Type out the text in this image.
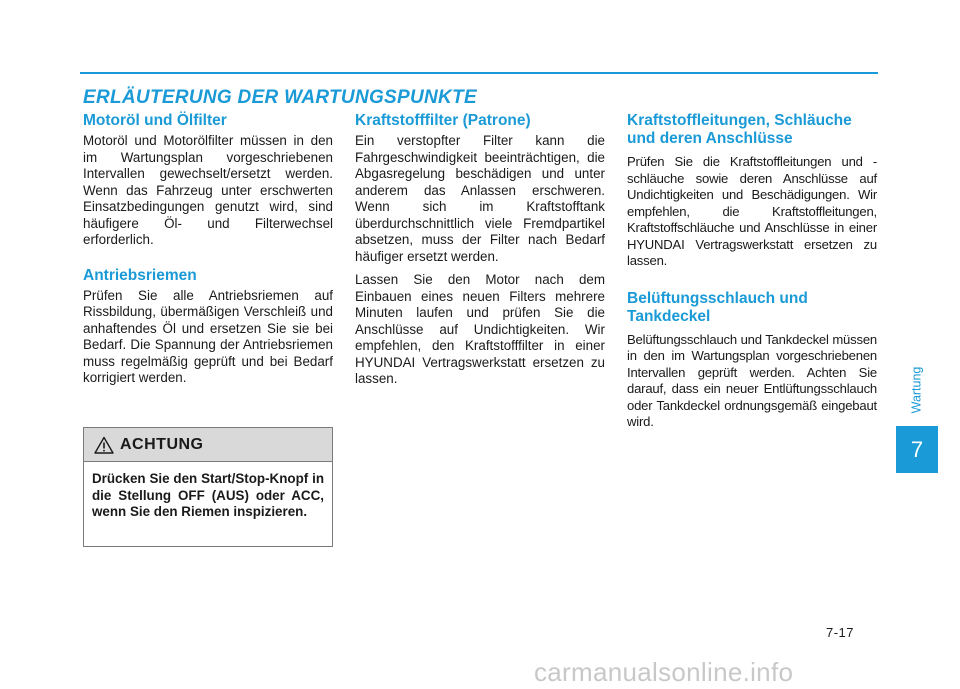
ERLÄUTERUNG DER WARTUNGSPUNKTE
Motoröl und Ölfilter

Motoröl und Motorölfilter müssen in den im Wartungsplan vorgeschriebenen Intervallen gewechselt/ersetzt werden. Wenn das Fahrzeug unter erschwerten Einsatzbedingungen genutzt wird, sind häufigere Öl- und Filterwechsel erforderlich.

Antriebsriemen

Prüfen Sie alle Antriebsriemen auf Rissbildung, übermäßigen Verschleiß und anhaftendes Öl und ersetzen Sie sie bei Bedarf. Die Spannung der Antriebsriemen muss regelmäßig geprüft und bei Bedarf korrigiert werden.

ACHTUNG
Drücken Sie den Start/Stop-Knopf in die Stellung OFF (AUS) oder ACC, wenn Sie den Riemen inspizieren.
Kraftstofffilter (Patrone)

Ein verstopfter Filter kann die Fahrgeschwindigkeit beeinträchtigen, die Abgasregelung beschädigen und unter anderem das Anlassen erschweren. Wenn sich im Kraftstofftank überdurchschnittlich viele Fremdpartikel absetzen, muss der Filter nach Bedarf häufiger ersetzt werden.

Lassen Sie den Motor nach dem Einbauen eines neuen Filters mehrere Minuten laufen und prüfen Sie die Anschlüsse auf Undichtigkeiten. Wir empfehlen, den Kraftstofffilter in einer HYUNDAI Vertragswerkstatt ersetzen zu lassen.

Kraftstoffleitungen, Schläuche und deren Anschlüsse

Prüfen Sie die Kraftstoffleitungen und -schläuche sowie deren Anschlüsse auf Undichtigkeiten und Beschädigungen. Wir empfehlen, die Kraftstoffleitungen, Kraftstoffschläuche und Anschlüsse in einer HYUNDAI Vertragswerkstatt ersetzen zu lassen.

Belüftungsschlauch und Tankdeckel

Belüftungsschlauch und Tankdeckel müssen in den im Wartungsplan vorgeschriebenen Intervallen geprüft werden. Achten Sie darauf, dass ein neuer Entlüftungsschlauch oder Tankdeckel ordnungsgemäß eingebaut wird.

Wartung
7
7-17
carmanualsonline.info
